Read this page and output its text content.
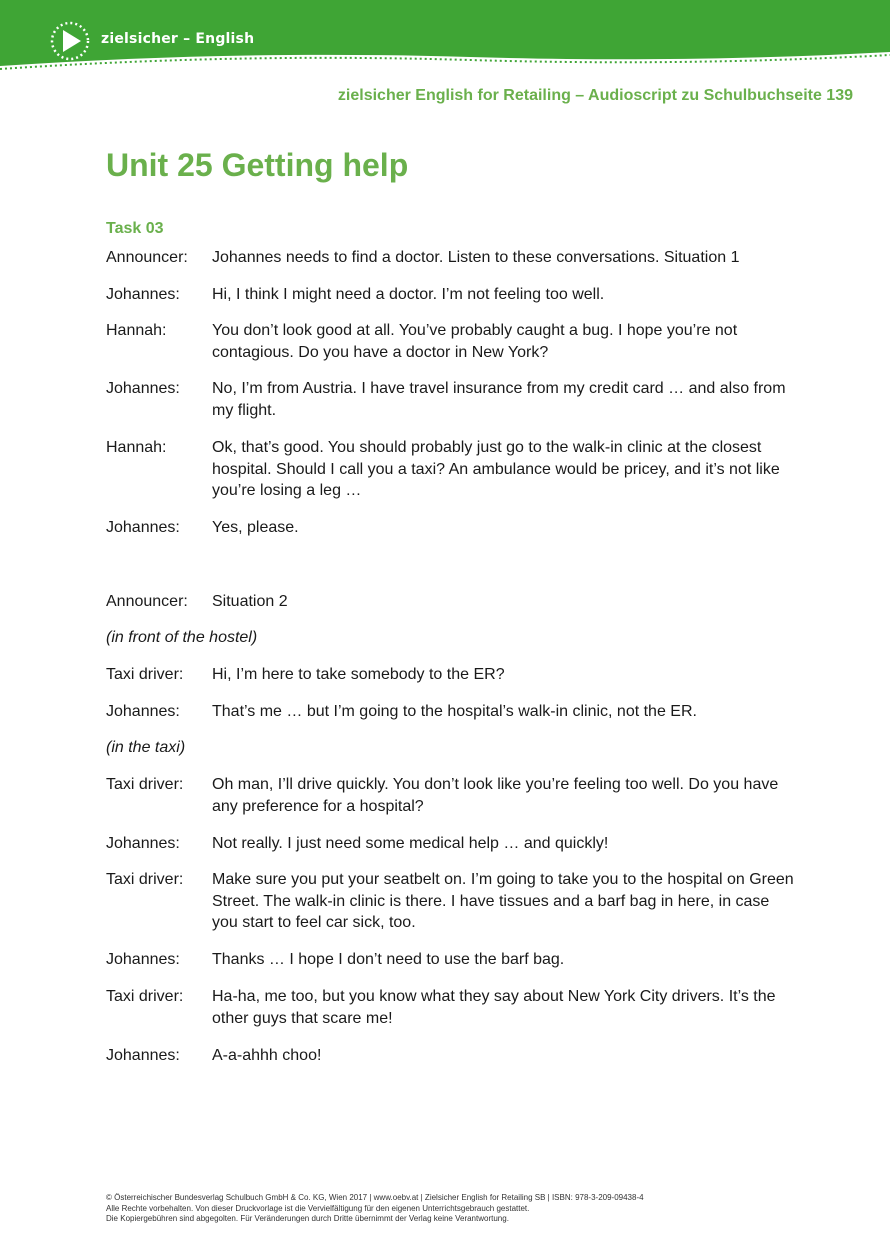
zielsicher – English
zielsicher English for Retailing – Audioscript zu Schulbuchseite 139
Unit 25 Getting help
Task 03
Announcer:	Johannes needs to find a doctor. Listen to these conversations. Situation 1
Johannes:	Hi, I think I might need a doctor. I’m not feeling too well.
Hannah:	You don’t look good at all. You’ve probably caught a bug. I hope you’re not contagious. Do you have a doctor in New York?
Johannes:	No, I’m from Austria. I have travel insurance from my credit card … and also from my flight.
Hannah:	Ok, that’s good. You should probably just go to the walk-in clinic at the closest hospital. Should I call you a taxi? An ambulance would be pricey, and it’s not like you’re losing a leg …
Johannes:	Yes, please.
Announcer:	Situation 2
(in front of the hostel)
Taxi driver:	Hi, I’m here to take somebody to the ER?
Johannes:	That’s me … but I’m going to the hospital’s walk-in clinic, not the ER.
(in the taxi)
Taxi driver:	Oh man, I’ll drive quickly. You don’t look like you’re feeling too well. Do you have any preference for a hospital?
Johannes:	Not really. I just need some medical help … and quickly!
Taxi driver:	Make sure you put your seatbelt on. I’m going to take you to the hospital on Green Street. The walk-in clinic is there. I have tissues and a barf bag in here, in case you start to feel car sick, too.
Johannes:	Thanks … I hope I don’t need to use the barf bag.
Taxi driver:	Ha-ha, me too, but you know what they say about New York City drivers. It’s the other guys that scare me!
Johannes:	A-a-ahhh choo!
© Österreichischer Bundesverlag Schulbuch GmbH & Co. KG, Wien 2017 | www.oebv.at | Zielsicher English for Retailing SB | ISBN: 978-3-209-09438-4
Alle Rechte vorbehalten. Von dieser Druckvorlage ist die Vervielfältigung für den eigenen Unterrichtsgebrauch gestattet.
Die Kopiergebühren sind abgegolten. Für Veränderungen durch Dritte übernimmt der Verlag keine Verantwortung.
